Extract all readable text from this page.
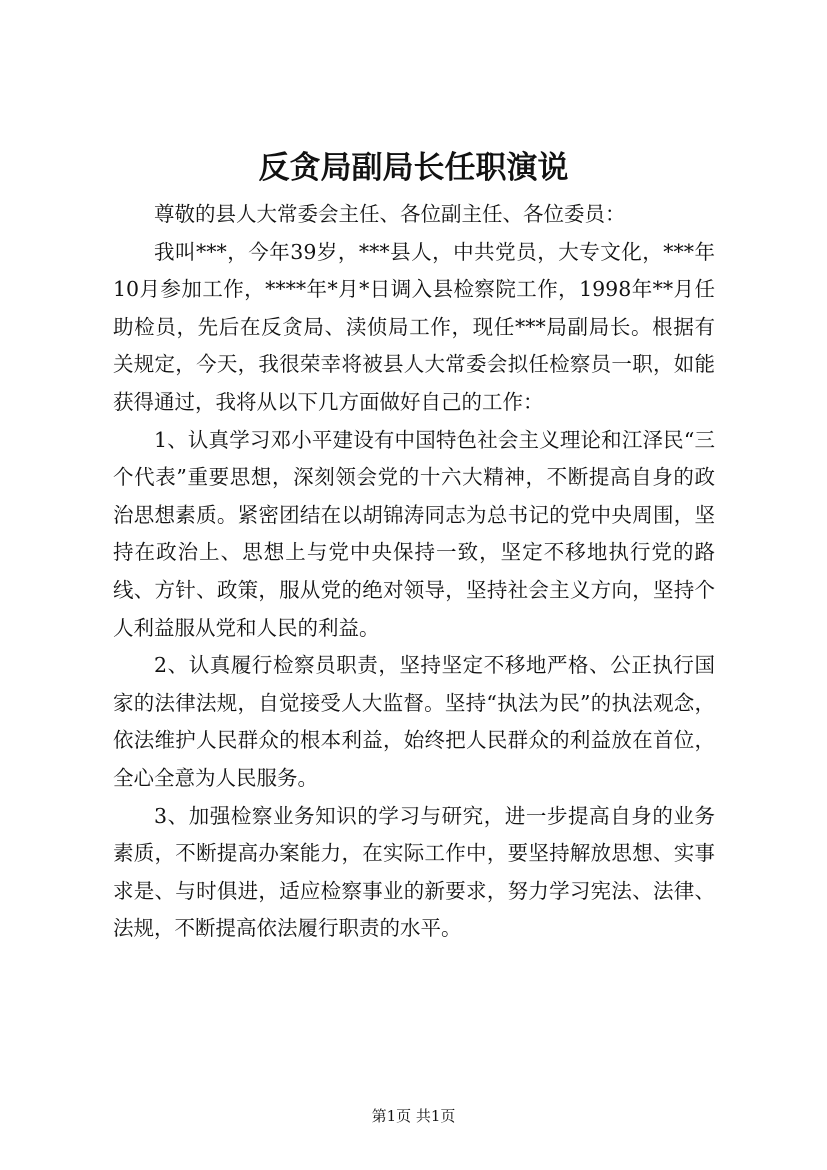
反贪局副局长任职演说

尊敬的县人大常委会主任、各位副主任、各位委员：

我叫***，今年39岁，***县人，中共党员，大专文化，***年10月参加工作，****年*月*日调入县检察院工作，1998年**月任助检员，先后在反贪局、渎侦局工作，现任***局副局长。根据有关规定，今天，我很荣幸将被县人大常委会拟任检察员一职，如能获得通过，我将从以下几方面做好自己的工作：

1、认真学习邓小平建设有中国特色社会主义理论和江泽民“三个代表”重要思想，深刻领会党的十六大精神，不断提高自身的政治思想素质。紧密团结在以胡锦涛同志为总书记的党中央周围，坚持在政治上、思想上与党中央保持一致，坚定不移地执行党的路线、方针、政策，服从党的绝对领导，坚持社会主义方向，坚持个人利益服从党和人民的利益。

2、认真履行检察员职责，坚持坚定不移地严格、公正执行国家的法律法规，自觉接受人大监督。坚持“执法为民”的执法观念，依法维护人民群众的根本利益，始终把人民群众的利益放在首位，全心全意为人民服务。

3、加强检察业务知识的学习与研究，进一步提高自身的业务素质，不断提高办案能力，在实际工作中，要坚持解放思想、实事求是、与时俱进，适应检察事业的新要求，努力学习宪法、法律、法规，不断提高依法履行职责的水平。

第1页 共1页
